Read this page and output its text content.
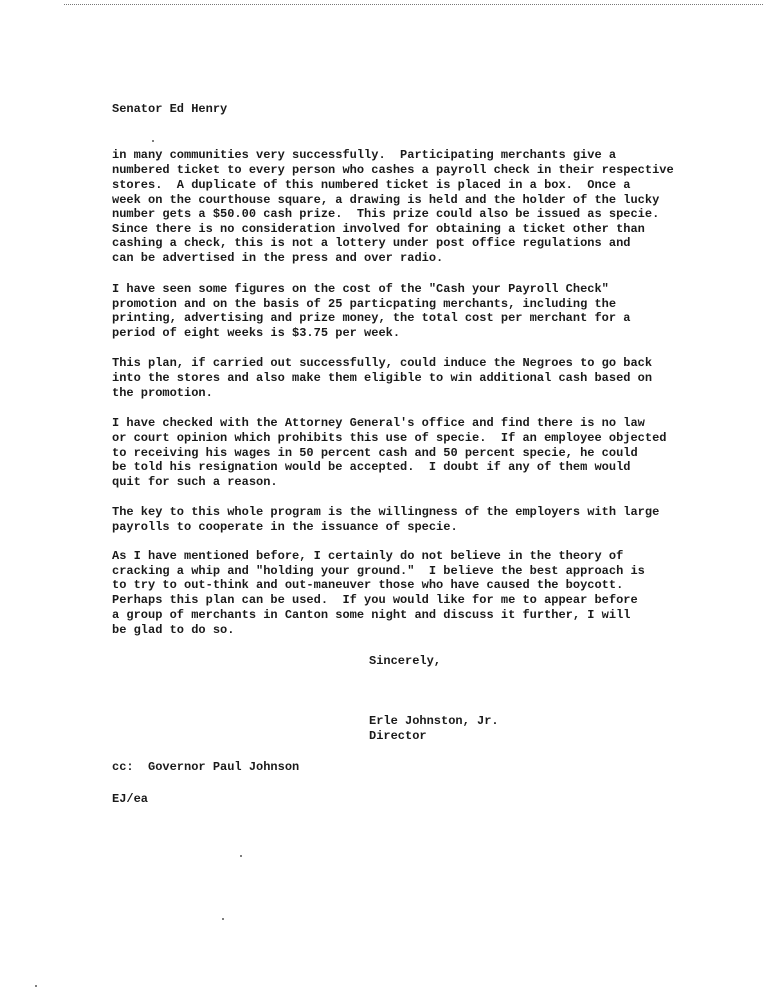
Senator Ed Henry
in many communities very successfully.  Participating merchants give a
numbered ticket to every person who cashes a payroll check in their respective
stores.  A duplicate of this numbered ticket is placed in a box.  Once a
week on the courthouse square, a drawing is held and the holder of the lucky
number gets a $50.00 cash prize.  This prize could also be issued as specie.
Since there is no consideration involved for obtaining a ticket other than
cashing a check, this is not a lottery under post office regulations and
can be advertised in the press and over radio.
I have seen some figures on the cost of the "Cash your Payroll Check"
promotion and on the basis of 25 particpating merchants, including the
printing, advertising and prize money, the total cost per merchant for a
period of eight weeks is $3.75 per week.
This plan, if carried out successfully, could induce the Negroes to go back
into the stores and also make them eligible to win additional cash based on
the promotion.
I have checked with the Attorney General's office and find there is no law
or court opinion which prohibits this use of specie.  If an employee objected
to receiving his wages in 50 percent cash and 50 percent specie, he could
be told his resignation would be accepted.  I doubt if any of them would
quit for such a reason.
The key to this whole program is the willingness of the employers with large
payrolls to cooperate in the issuance of specie.
As I have mentioned before, I certainly do not believe in the theory of
cracking a whip and "holding your ground."  I believe the best approach is
to try to out-think and out-maneuver those who have caused the boycott.
Perhaps this plan can be used.  If you would like for me to appear before
a group of merchants in Canton some night and discuss it further, I will
be glad to do so.
Sincerely,
Erle Johnston, Jr.
Director
cc:  Governor Paul Johnson
EJ/ea
